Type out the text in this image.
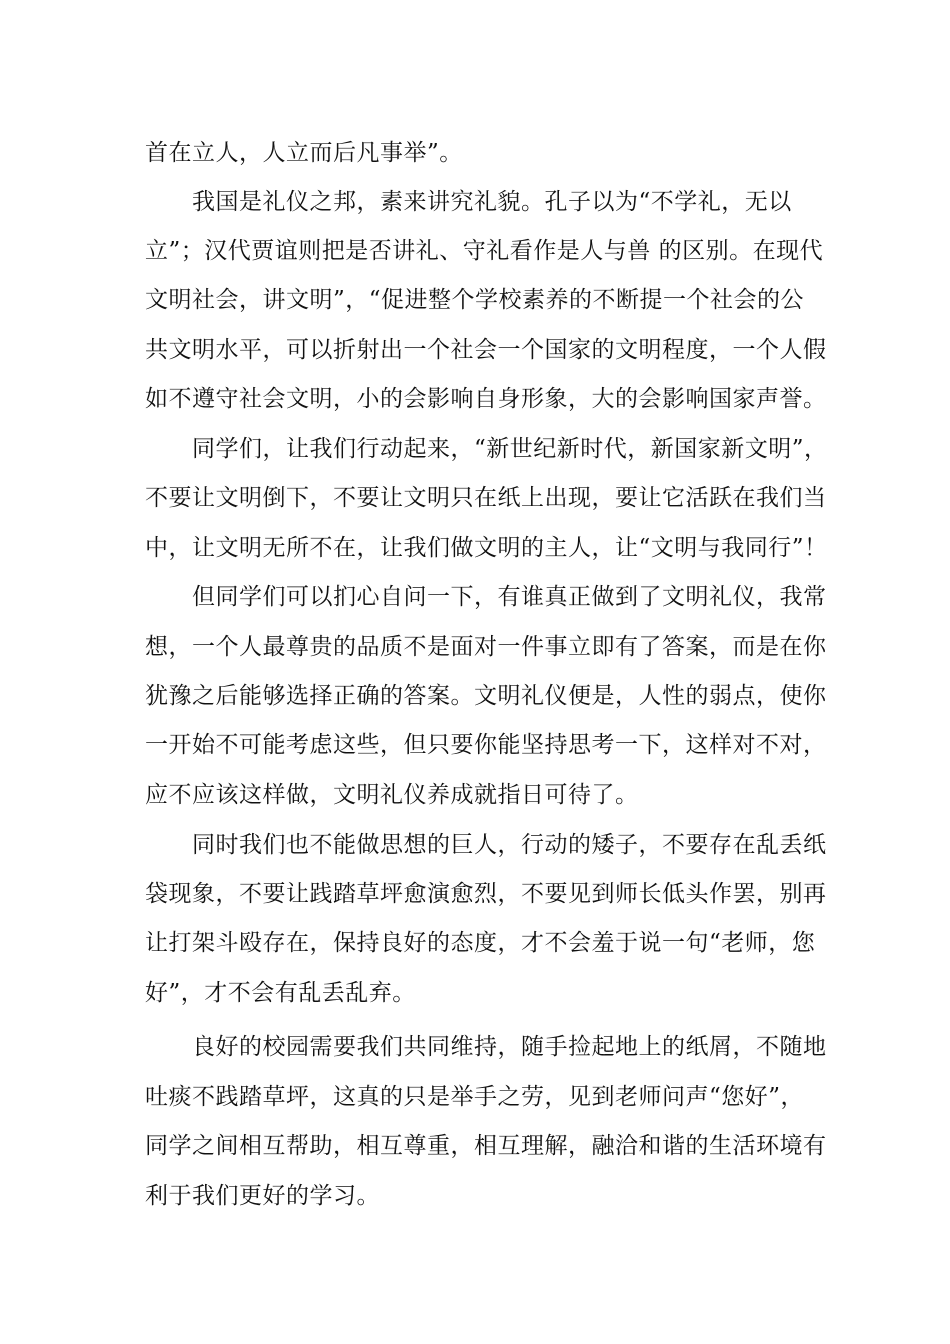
首在立人，人立而后凡事举”。

我国是礼仪之邦，素来讲究礼貌。孔子以为“不学礼，无以

立”；汉代贾谊则把是否讲礼、守礼看作是人与兽 的区别。在现代

文明社会，讲文明”，“促进整个学校素养的不断提一个社会的公

共文明水平，可以折射出一个社会一个国家的文明程度，一个人假

如不遵守社会文明，小的会影响自身形象，大的会影响国家声誉。

同学们，让我们行动起来，“新世纪新时代，新国家新文明”，

不要让文明倒下，不要让文明只在纸上出现，要让它活跃在我们当

中，让文明无所不在，让我们做文明的主人，让“文明与我同行”！

但同学们可以扪心自问一下，有谁真正做到了文明礼仪，我常

想，一个人最尊贵的品质不是面对一件事立即有了答案，而是在你

犹豫之后能够选择正确的答案。文明礼仪便是，人性的弱点，使你

一开始不可能考虑这些，但只要你能坚持思考一下，这样对不对，

应不应该这样做，文明礼仪养成就指日可待了。

同时我们也不能做思想的巨人，行动的矮子，不要存在乱丢纸

袋现象，不要让践踏草坪愈演愈烈，不要见到师长低头作罢，别再

让打架斗殴存在，保持良好的态度，才不会羞于说一句“老师，您

好”，才不会有乱丢乱弃。

良好的校园需要我们共同维持，随手捡起地上的纸屑，不随地

吐痰不践踏草坪，这真的只是举手之劳，见到老师问声“您好”，

同学之间相互帮助，相互尊重，相互理解，融洽和谐的生活环境有

利于我们更好的学习。
